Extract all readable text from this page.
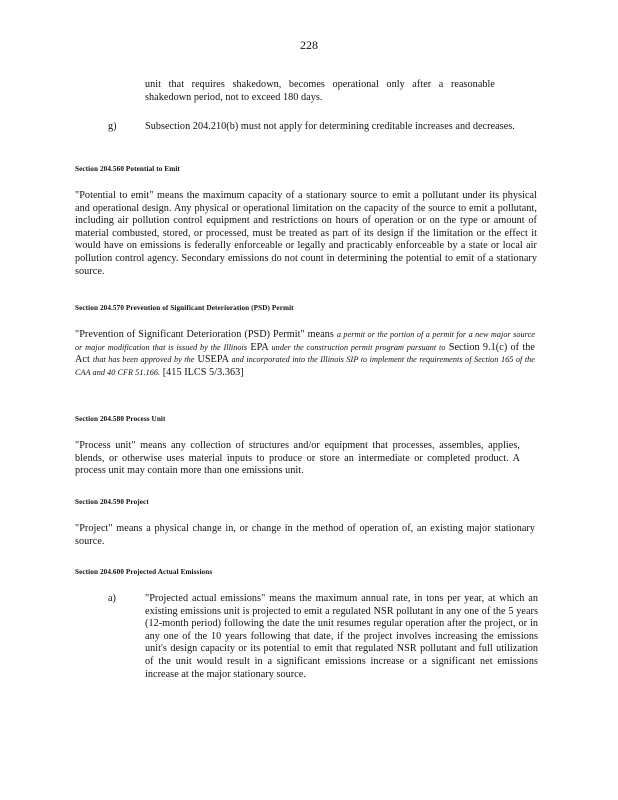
228
unit that requires shakedown, becomes operational only after a reasonable shakedown period, not to exceed 180 days.
g)	Subsection 204.210(b) must not apply for determining creditable increases and decreases.
Section 204.560 Potential to Emit
"Potential to emit" means the maximum capacity of a stationary source to emit a pollutant under its physical and operational design. Any physical or operational limitation on the capacity of the source to emit a pollutant, including air pollution control equipment and restrictions on hours of operation or on the type or amount of material combusted, stored, or processed, must be treated as part of its design if the limitation or the effect it would have on emissions is federally enforceable or legally and practicably enforceable by a state or local air pollution control agency. Secondary emissions do not count in determining the potential to emit of a stationary source.
Section 204.570 Prevention of Significant Deterioration (PSD) Permit
"Prevention of Significant Deterioration (PSD) Permit" means a permit or the portion of a permit for a new major source or major modification that is issued by the Illinois EPA under the construction permit program pursuant to Section 9.1(c) of the Act that has been approved by the USEPA and incorporated into the Illinois SIP to implement the requirements of Section 165 of the CAA and 40 CFR 51.166. [415 ILCS 5/3.363]
Section 204.580 Process Unit
"Process unit" means any collection of structures and/or equipment that processes, assembles, applies, blends, or otherwise uses material inputs to produce or store an intermediate or completed product. A process unit may contain more than one emissions unit.
Section 204.590 Project
"Project" means a physical change in, or change in the method of operation of, an existing major stationary source.
Section 204.600 Projected Actual Emissions
a)	"Projected actual emissions" means the maximum annual rate, in tons per year, at which an existing emissions unit is projected to emit a regulated NSR pollutant in any one of the 5 years (12-month period) following the date the unit resumes regular operation after the project, or in any one of the 10 years following that date, if the project involves increasing the emissions unit's design capacity or its potential to emit that regulated NSR pollutant and full utilization of the unit would result in a significant emissions increase or a significant net emissions increase at the major stationary source.
